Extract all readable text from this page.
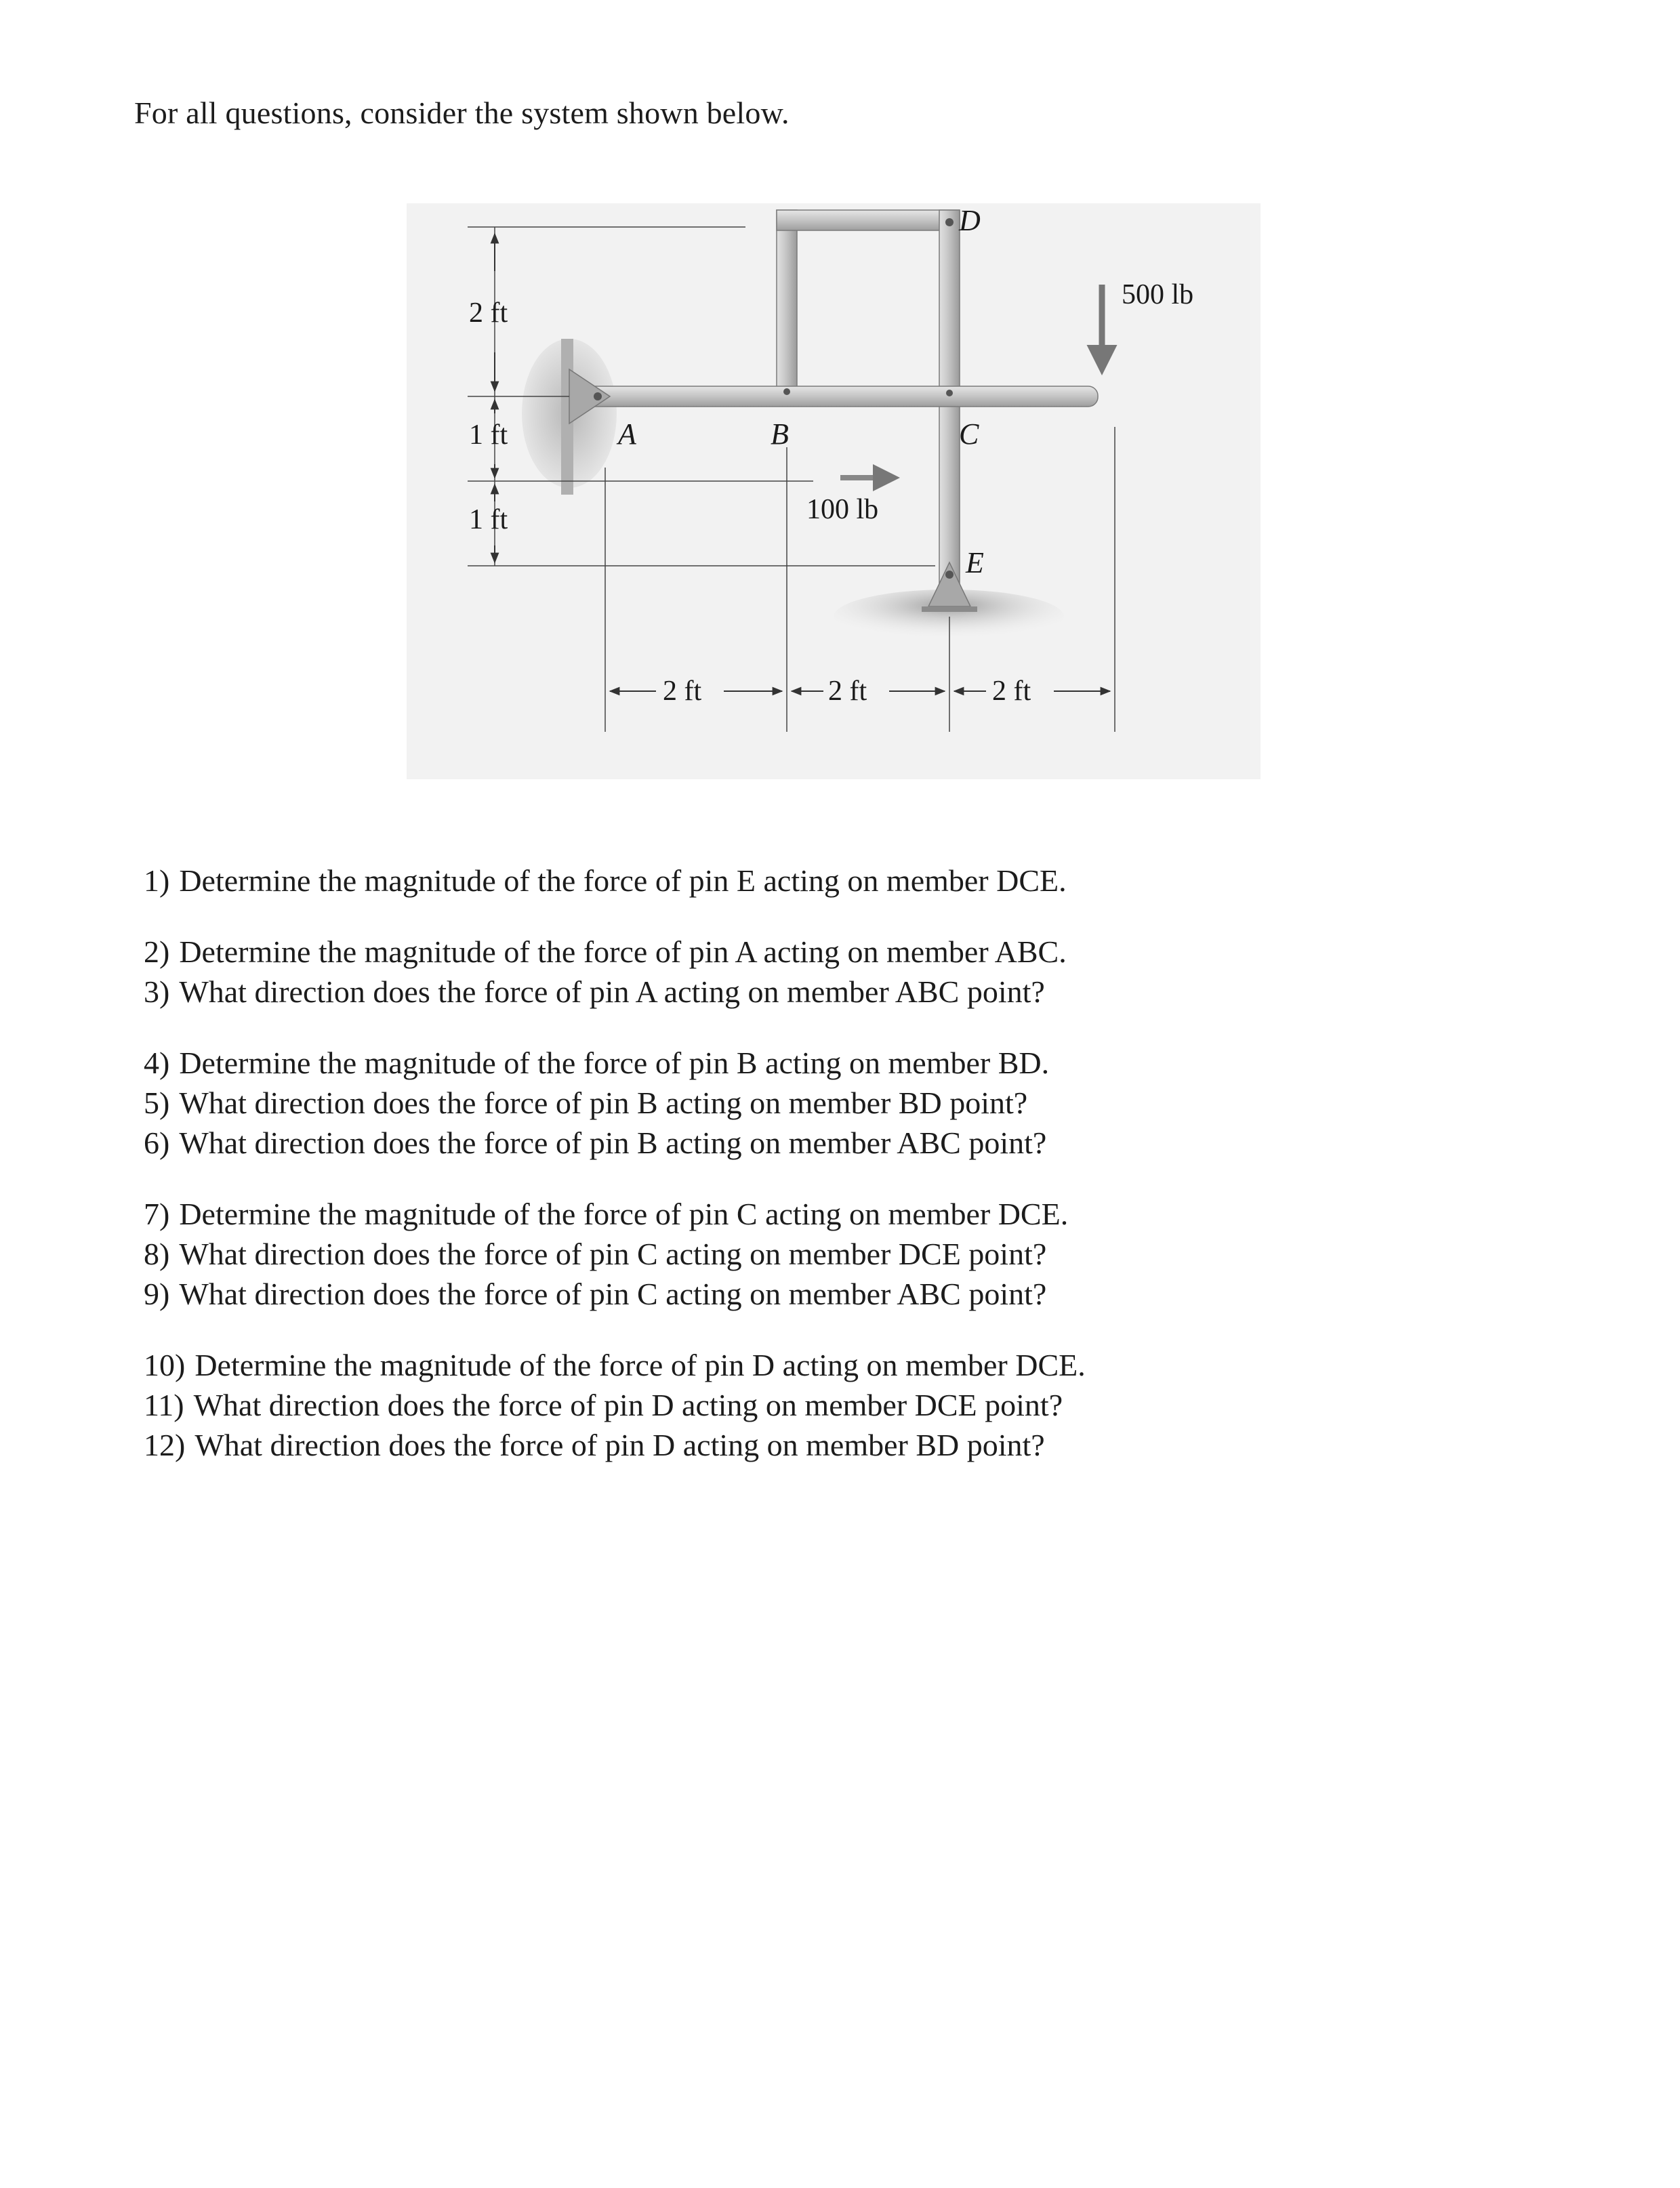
For all questions, consider the system shown below.
500 lb
100 lb
A	B	C
D
E
2 ft
1 ft
1 ft
2 ft	2 ft	2 ft
1) Determine the magnitude of the force of pin E acting on member DCE.
2) Determine the magnitude of the force of pin A acting on member ABC.
3) What direction does the force of pin A acting on member ABC point?
4) Determine the magnitude of the force of pin B acting on member BD.
5) What direction does the force of pin B acting on member BD point?
6) What direction does the force of pin B acting on member ABC point?
7) Determine the magnitude of the force of pin C acting on member DCE.
8) What direction does the force of pin C acting on member DCE point?
9) What direction does the force of pin C acting on member ABC point?
10) Determine the magnitude of the force of pin D acting on member DCE.
11) What direction does the force of pin D acting on member DCE point?
12) What direction does the force of pin D acting on member BD point?
